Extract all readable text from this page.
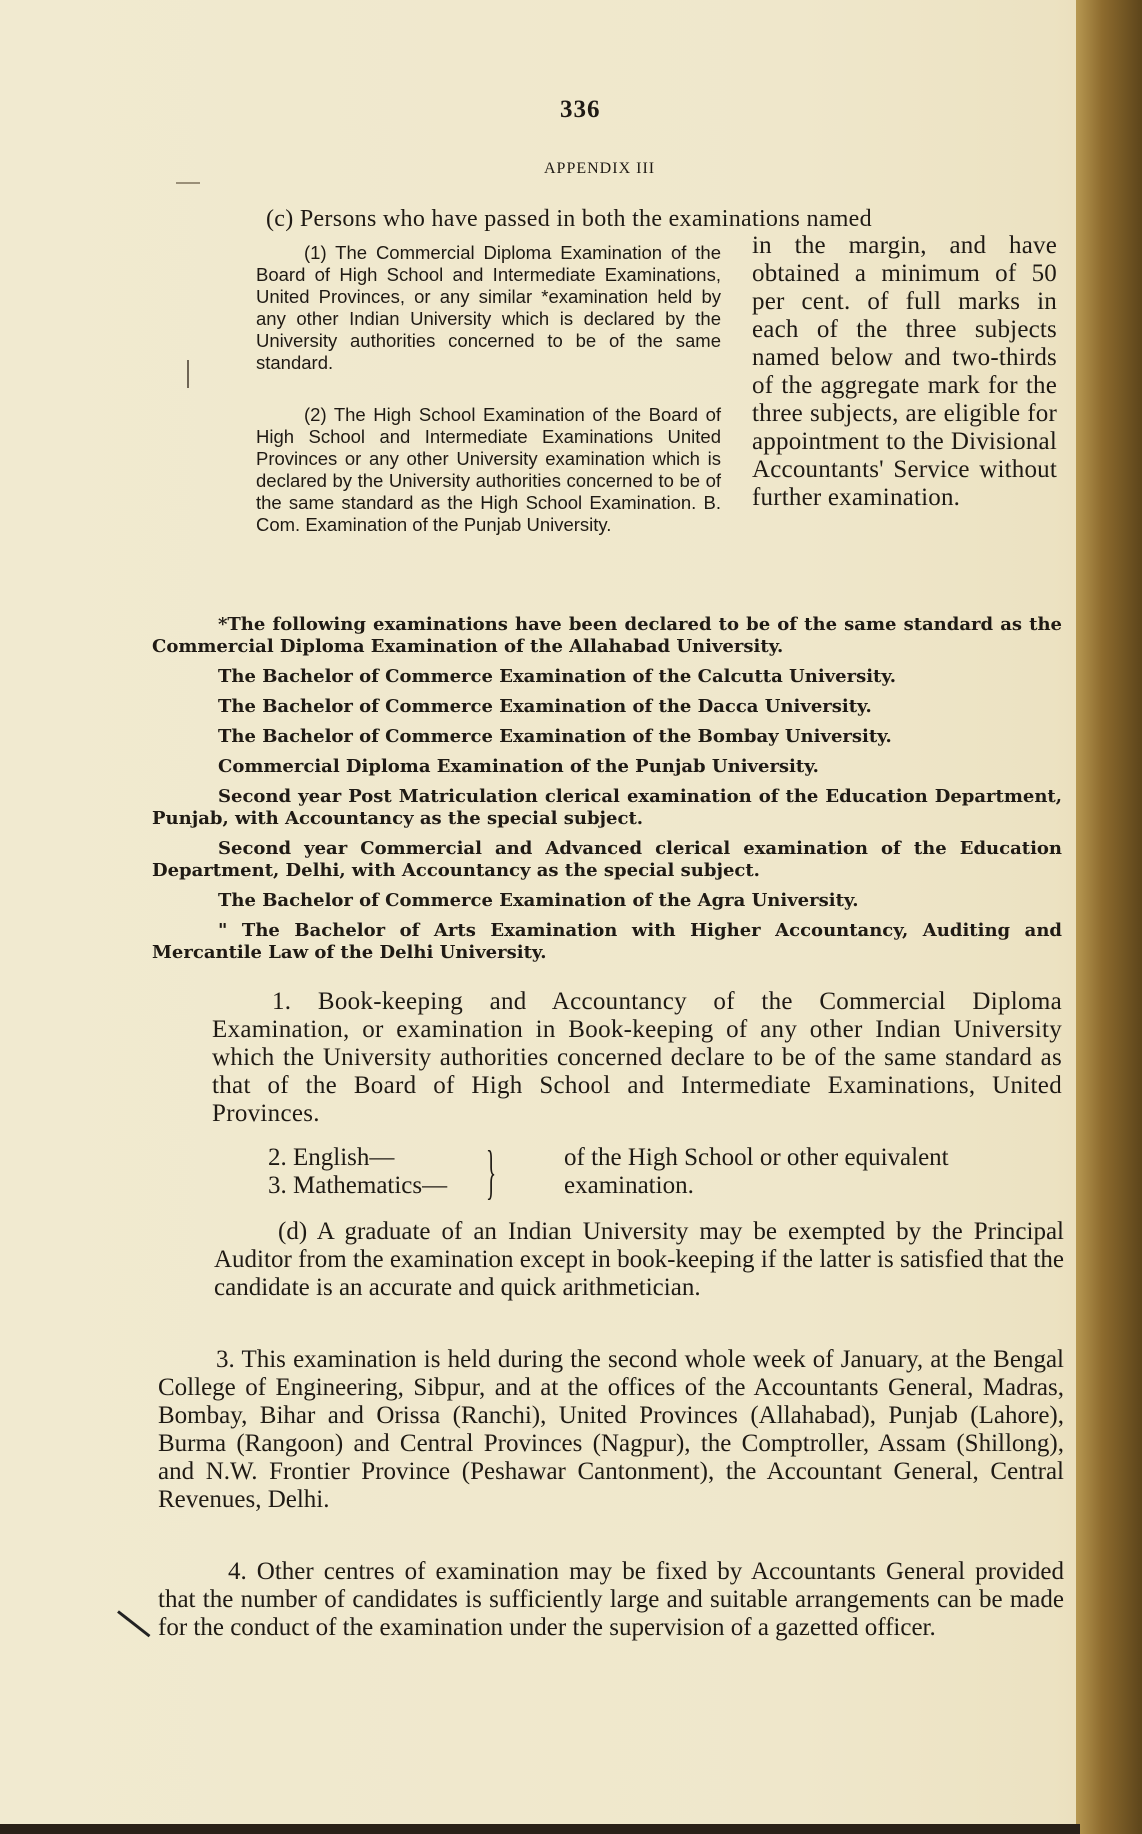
336
APPENDIX III
(c) Persons who have passed in both the examinations named

(1) The Commercial Diploma Examination of the Board of High School and Intermediate Examinations, United Provinces, or any similar *examination held by any other Indian University which is declared by the University authorities concerned to be of the same standard.

(2) The High School Examination of the Board of High School and Intermediate Examinations United Provinces or any other University examination which is declared by the University authorities concerned to be of the same standard as the High School Examination. B. Com. Examination of the Punjab University.

in the margin, and have obtained a minimum of 50 per cent. of full marks in each of the three subjects named below and two-thirds of the aggregate mark for the three subjects, are eligible for appointment to the Divisional Accountants' Service without further examination.

*The following examinations have been declared to be of the same standard as the Commercial Diploma Examination of the Allahabad University.

The Bachelor of Commerce Examination of the Calcutta University.

The Bachelor of Commerce Examination of the Dacca University.

The Bachelor of Commerce Examination of the Bombay University.

Commercial Diploma Examination of the Punjab University.

Second year Post Matriculation clerical examination of the Education Department, Punjab, with Accountancy as the special subject.

Second year Commercial and Advanced clerical examination of the Education Department, Delhi, with Accountancy as the special subject.

The Bachelor of Commerce Examination of the Agra University.

" The Bachelor of Arts Examination with Higher Accountancy, Auditing and Mercantile Law of the Delhi University.

1. Book-keeping and Accountancy of the Commercial Diploma Examination, or examination in Book-keeping of any other Indian University which the University authorities concerned declare to be of the same standard as that of the Board of High School and Intermediate Examinations, United Provinces.

2. English—
3. Mathematics— }	of the High School or other equivalent examination.

(d) A graduate of an Indian University may be exempted by the Principal Auditor from the examination except in book-keeping if the latter is satisfied that the candidate is an accurate and quick arithmetician.

3. This examination is held during the second whole week of January, at the Bengal College of Engineering, Sibpur, and at the offices of the Accountants General, Madras, Bombay, Bihar and Orissa (Ranchi), United Provinces (Allahabad), Punjab (Lahore), Burma (Rangoon) and Central Provinces (Nagpur), the Comptroller, Assam (Shillong), and N.W. Frontier Province (Peshawar Cantonment), the Accountant General, Central Revenues, Delhi.

4. Other centres of examination may be fixed by Accountants General provided that the number of candidates is sufficiently large and suitable arrangements can be made for the conduct of the examination under the supervision of a gazetted officer.
